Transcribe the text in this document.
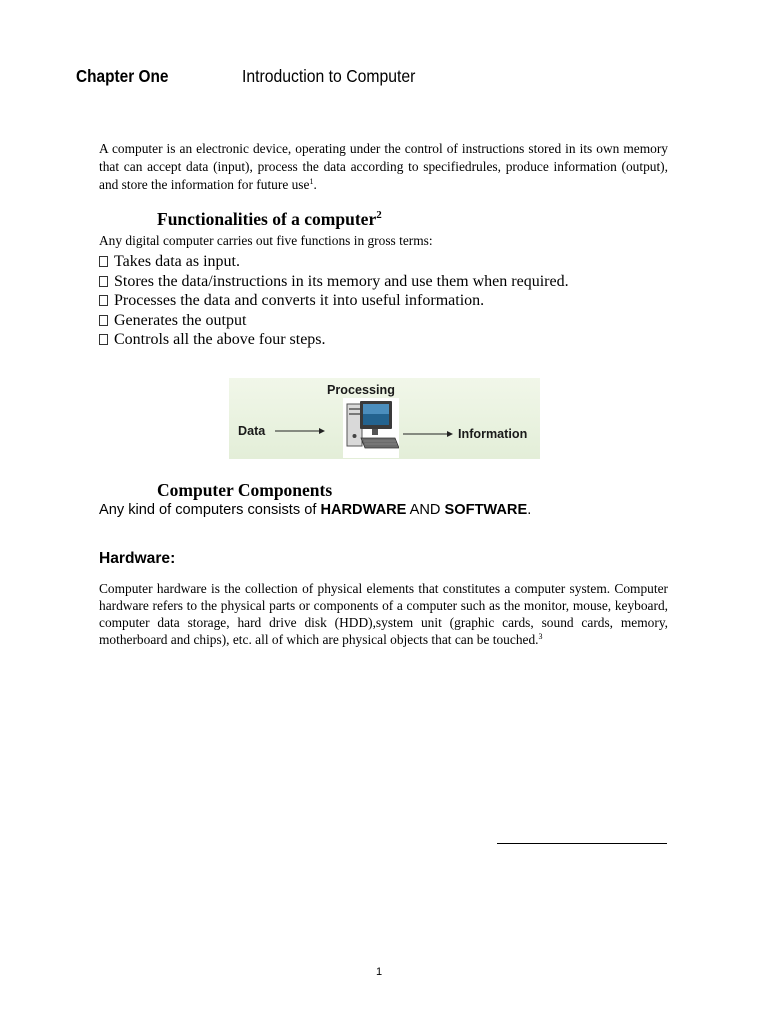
Chapter One	Introduction to Computer
A computer is an electronic device, operating under the control of instructions stored in its own memory that can accept data (input), process the data according to specifiedrules, produce information (output), and store the information for future use$^1$.
Functionalities of a computer$^2$
Any digital computer carries out five functions in gross terms:
Takes data as input.
Stores the data/instructions in its memory and use them when required.
Processes the data and converts it into useful information.
Generates the output
Controls all the above four steps.
Data
Processing
Information
Computer Components
Any kind of computers consists of HARDWARE AND SOFTWARE.
Hardware:
Computer hardware is the collection of physical elements that constitutes a computer system. Computer hardware refers to the physical parts or components of a computer such as the monitor, mouse, keyboard, computer data storage, hard drive disk (HDD),system unit (graphic cards, sound cards, memory, motherboard and chips), etc. all of which are physical objects that can be touched.$^3$
1
